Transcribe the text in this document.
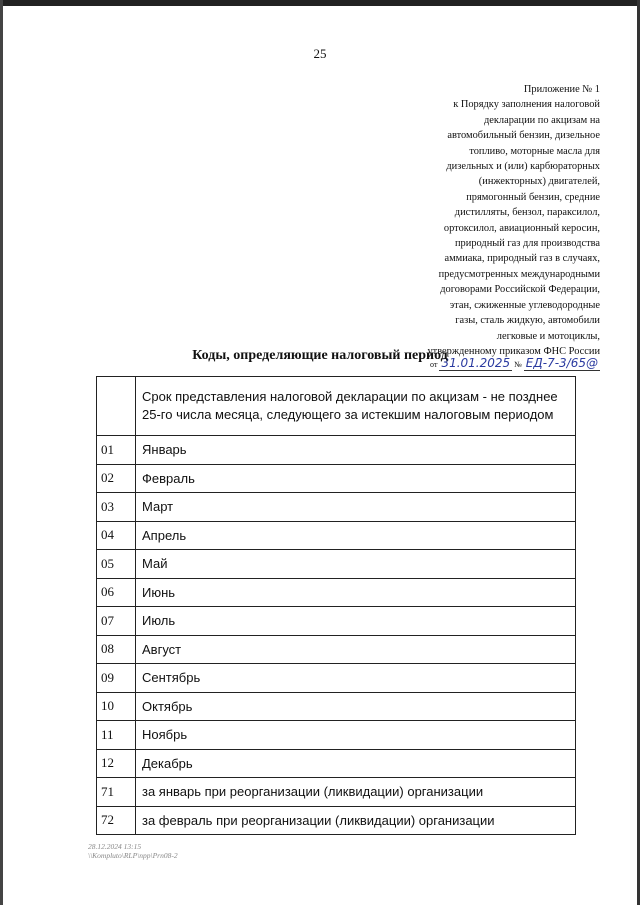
25
Приложение № 1
к Порядку заполнения налоговой
декларации по акцизам на
автомобильный бензин, дизельное
топливо, моторные масла для
дизельных и (или) карбюраторных
(инжекторных) двигателей,
прямогонный бензин, средние
дистилляты, бензол, параксилол,
ортоксилол, авиационный керосин,
природный газ для производства
аммиака, природный газ в случаях,
предусмотренных международными
договорами Российской Федерации,
этан, сжиженные углеводородные
газы, сталь жидкую, автомобили
легковые и мотоциклы,
утвержденному приказом ФНС России
от 31.01.2025 № ЕД-7-3/65@
Коды, определяющие налоговый период
	Срок представления налоговой декларации по акцизам - не позднее 25-го числа месяца, следующего за истекшим налоговым периодом
01	Январь
02	Февраль
03	Март
04	Апрель
05	Май
06	Июнь
07	Июль
08	Август
09	Сентябрь
10	Октябрь
11	Ноябрь
12	Декабрь
71	за январь при реорганизации (ликвидации) организации
72	за февраль при реорганизации (ликвидации) организации
28.12.2024 13:15
\\Kompluto\RLP\npp\Prn08-2
